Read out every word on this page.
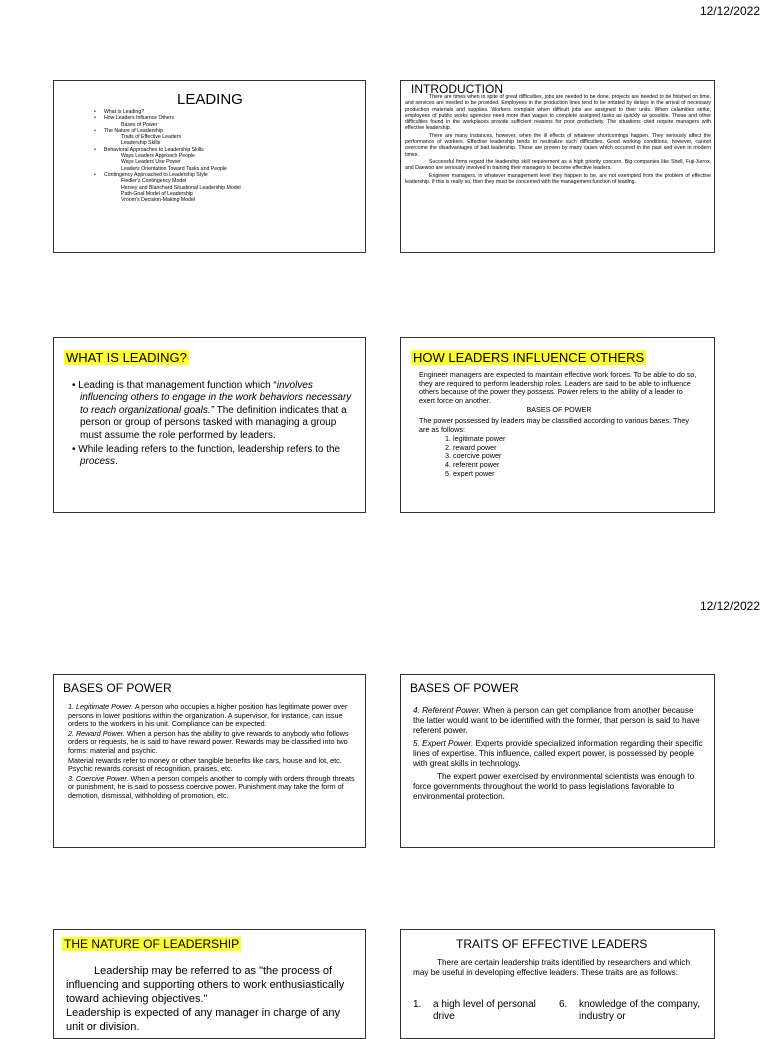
12/12/2022
LEADING
• What is Leading?
• How Leaders Influence Others
Bases of Power
• The Nature of Leadership
Traits of Effective Leaders
Leadership Skills
• Behavioral Approaches to Leadership Skills
Ways Leaders Approach People
Ways Leaders Use Power
Leaders Orientation Toward Tasks and People
• Contingency Approached to Leadership Style
Fiedler's Contingency Model
Hersey and Blanchard Situational Leadership Model
Path-Goal Model of Leadership
Vroom's Decision-Making Model
INTRODUCTION

There are times when in spite of great difficulties, jobs are needed to be done, projects are needed to be finished on time, and services are needed to be provided. Employees in the production lines tend to be irritated by delays in the arrival of necessary production materials and supplies. Workers complain when difficult jobs are assigned to their units. When calamities strike, employees of public works agencies need more than wages to complete assigned tasks as quickly as possible. These and other difficulties found in the workplaces provide sufficient reasons for poor productivity. The situations cited require managers with effective leadership.

There are many instances, however, when the ill effects of whatever shortcomings happen. They seriously affect the performance of workers. Effective leadership tends to neutralize such difficulties. Good working conditions, however, cannot overcome the disadvantages of bad leadership. These are proven by many cases which occurred in the past and even in modern times.

Successful firms regard the leadership skill requirement as a high priority concern. Big companies like Shell, Fuji-Xerox, and Daewoo are seriously involved in training their managers to become effective leaders.

Engineer managers, in whatever management level they happen to be, are not exempted from the problem of effective leadership. If this is really so, then they must be concerned with the management function of leading.

WHAT IS LEADING?
• Leading is that management function which “involves influencing others to engage in the work behaviors necessary to reach organizational goals.” The definition indicates that a person or group of persons tasked with managing a group must assume the role performed by leaders.
• While leading refers to the function, leadership refers to the process.
HOW LEADERS INFLUENCE OTHERS

Engineer managers are expected to maintain effective work forces. To be able to do so, they are required to perform leadership roles. Leaders are said to be able to influence others because of the power they possess. Power refers to the ability of a leader to exert force on another.

BASES OF POWER

The power possessed by leaders may be classified according to various bases. They are as follows:

1. legitimate power
2. reward power
3. coercive power
4. referent power
5. expert power
12/12/2022
BASES OF POWER

1. Legitimate Power. A person who occupies a higher position has legitimate power over persons in lower positions within the organization. A supervisor, for instance, can issue orders to the workers in his unit. Compliance can be expected.

2. Reward Power. When a person has the ability to give rewards to anybody who follows orders or requests, he is said to have reward power. Rewards may be classified into two forms: material and psychic.

Material rewards refer to money or other tangible benefits like cars, house and lot, etc. Psychic rewards consist of recognition, praises, etc.

3. Coercive Power. When a person compels another to comply with orders through threats or punishment, he is said to possess coercive power. Punishment may take the form of demotion, dismissal, withholding of promotion, etc.

BASES OF POWER

4. Referent Power. When a person can get compliance from another because the latter would want to be identified with the former, that person is said to have referent power.

5. Expert Power. Experts provide specialized information regarding their specific lines of expertise. This influence, called expert power, is possessed by people with great skills in technology.

The expert power exercised by environmental scientists was enough to force governments throughout the world to pass legislations favorable to environmental protection.

THE NATURE OF LEADERSHIP

Leadership may be referred to as "the process of influencing and supporting others to work enthusiastically toward achieving objectives."

Leadership is expected of any manager in charge of any unit or division.

TRAITS OF EFFECTIVE LEADERS

There are certain leadership traits identified by researchers and which may be useful in developing effective leaders. These traits are as follows:

1.	a high level of personal drive
6.	knowledge of the company, industry or
